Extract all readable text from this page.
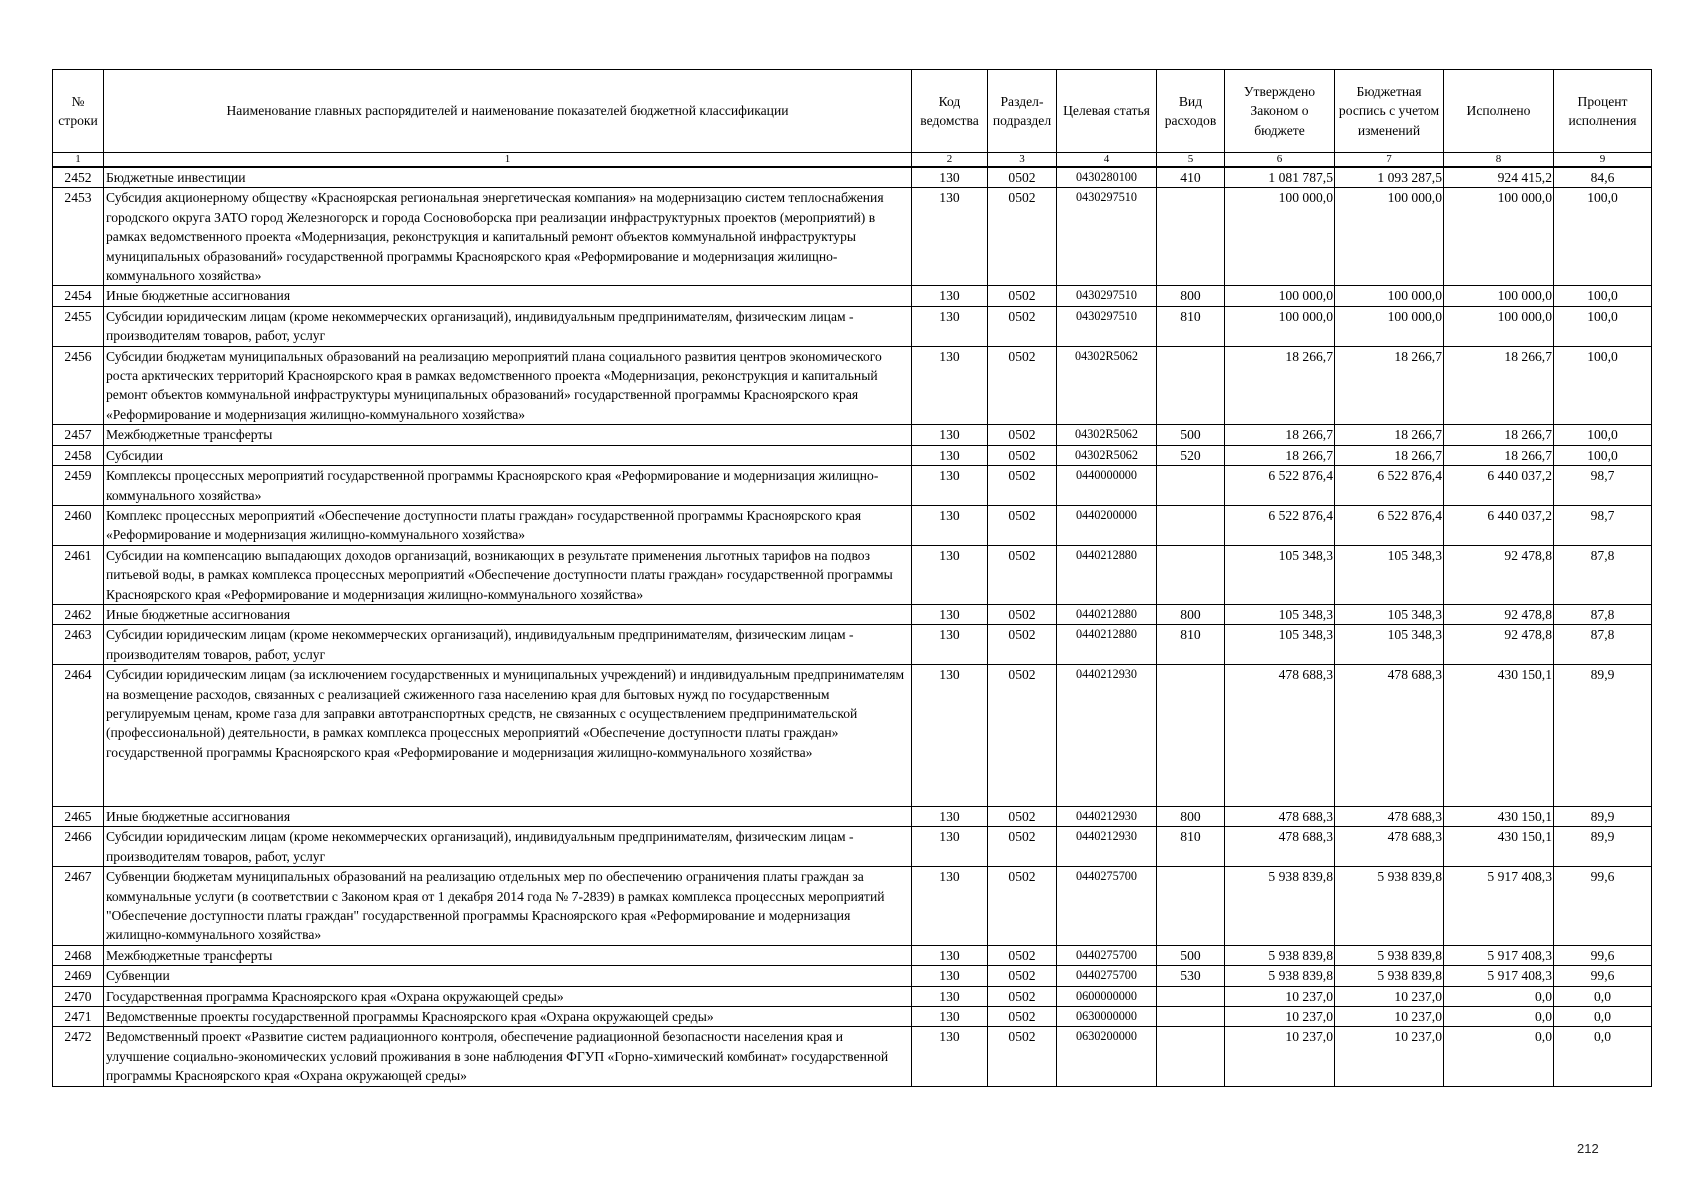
№ строки	Наименование главных распорядителей и наименование показателей бюджетной классификации	Код ведомства	Раздел-подраздел	Целевая статья	Вид расходов	Утверждено Законом о бюджете	Бюджетная роспись с учетом изменений	Исполнено	Процент исполнения
1	1	2	3	4	5	6	7	8	9
2452	Бюджетные инвестиции	130	0502	0430280100	410	1 081 787,5	1 093 287,5	924 415,2	84,6
2453	Субсидия акционерному обществу «Красноярская региональная энергетическая компания» на модернизацию систем теплоснабжения городского округа ЗАТО город Железногорск и города Сосновоборска при реализации инфраструктурных проектов (мероприятий) в рамках ведомственного проекта «Модернизация, реконструкция и капитальный ремонт объектов коммунальной инфраструктуры муниципальных образований» государственной программы Красноярского края «Реформирование и модернизация жилищно-коммунального хозяйства»	130	0502	0430297510		100 000,0	100 000,0	100 000,0	100,0
2454	Иные бюджетные ассигнования	130	0502	0430297510	800	100 000,0	100 000,0	100 000,0	100,0
2455	Субсидии юридическим лицам (кроме некоммерческих организаций), индивидуальным предпринимателям, физическим лицам - производителям товаров, работ, услуг	130	0502	0430297510	810	100 000,0	100 000,0	100 000,0	100,0
2456	Субсидии бюджетам муниципальных образований на реализацию мероприятий плана социального развития центров экономического роста арктических территорий Красноярского края в рамках ведомственного проекта «Модернизация, реконструкция и капитальный ремонт объектов коммунальной инфраструктуры муниципальных образований» государственной программы Красноярского края «Реформирование и модернизация жилищно-коммунального хозяйства»	130	0502	04302R5062		18 266,7	18 266,7	18 266,7	100,0
2457	Межбюджетные трансферты	130	0502	04302R5062	500	18 266,7	18 266,7	18 266,7	100,0
2458	Субсидии	130	0502	04302R5062	520	18 266,7	18 266,7	18 266,7	100,0
2459	Комплексы процессных мероприятий государственной программы Красноярского края «Реформирование и модернизация жилищно-коммунального хозяйства»	130	0502	0440000000		6 522 876,4	6 522 876,4	6 440 037,2	98,7
2460	Комплекс процессных мероприятий «Обеспечение доступности платы граждан» государственной программы Красноярского края «Реформирование и модернизация жилищно-коммунального хозяйства»	130	0502	0440200000		6 522 876,4	6 522 876,4	6 440 037,2	98,7
2461	Субсидии на компенсацию выпадающих доходов организаций, возникающих в результате применения льготных тарифов на подвоз питьевой воды, в рамках комплекса процессных мероприятий «Обеспечение доступности платы граждан» государственной программы Красноярского края «Реформирование и модернизация жилищно-коммунального хозяйства»	130	0502	0440212880		105 348,3	105 348,3	92 478,8	87,8
2462	Иные бюджетные ассигнования	130	0502	0440212880	800	105 348,3	105 348,3	92 478,8	87,8
2463	Субсидии юридическим лицам (кроме некоммерческих организаций), индивидуальным предпринимателям, физическим лицам - производителям товаров, работ, услуг	130	0502	0440212880	810	105 348,3	105 348,3	92 478,8	87,8
2464	Субсидии юридическим лицам (за исключением государственных и муниципальных учреждений) и индивидуальным предпринимателям на возмещение расходов, связанных с реализацией сжиженного газа населению края для бытовых нужд по государственным регулируемым ценам, кроме газа для заправки автотранспортных средств, не связанных с осуществлением предпринимательской (профессиональной) деятельности, в рамках комплекса процессных мероприятий «Обеспечение доступности платы граждан» государственной программы Красноярского края «Реформирование и модернизация жилищно-коммунального хозяйства»	130	0502	0440212930		478 688,3	478 688,3	430 150,1	89,9
2465	Иные бюджетные ассигнования	130	0502	0440212930	800	478 688,3	478 688,3	430 150,1	89,9
2466	Субсидии юридическим лицам (кроме некоммерческих организаций), индивидуальным предпринимателям, физическим лицам - производителям товаров, работ, услуг	130	0502	0440212930	810	478 688,3	478 688,3	430 150,1	89,9
2467	Субвенции бюджетам муниципальных образований на реализацию отдельных мер по обеспечению ограничения платы граждан за коммунальные услуги (в соответствии с Законом края от 1 декабря 2014 года № 7-2839) в рамках комплекса процессных мероприятий "Обеспечение доступности платы граждан" государственной программы Красноярского края «Реформирование и модернизация жилищно-коммунального хозяйства»	130	0502	0440275700		5 938 839,8	5 938 839,8	5 917 408,3	99,6
2468	Межбюджетные трансферты	130	0502	0440275700	500	5 938 839,8	5 938 839,8	5 917 408,3	99,6
2469	Субвенции	130	0502	0440275700	530	5 938 839,8	5 938 839,8	5 917 408,3	99,6
2470	Государственная программа Красноярского края «Охрана окружающей среды»	130	0502	0600000000		10 237,0	10 237,0	0,0	0,0
2471	Ведомственные проекты государственной программы Красноярского края «Охрана окружающей среды»	130	0502	0630000000		10 237,0	10 237,0	0,0	0,0
2472	Ведомственный проект «Развитие систем радиационного контроля, обеспечение радиационной безопасности населения края и улучшение социально-экономических условий проживания в зоне наблюдения ФГУП «Горно-химический комбинат» государственной программы Красноярского края «Охрана окружающей среды»	130	0502	0630200000		10 237,0	10 237,0	0,0	0,0
212
